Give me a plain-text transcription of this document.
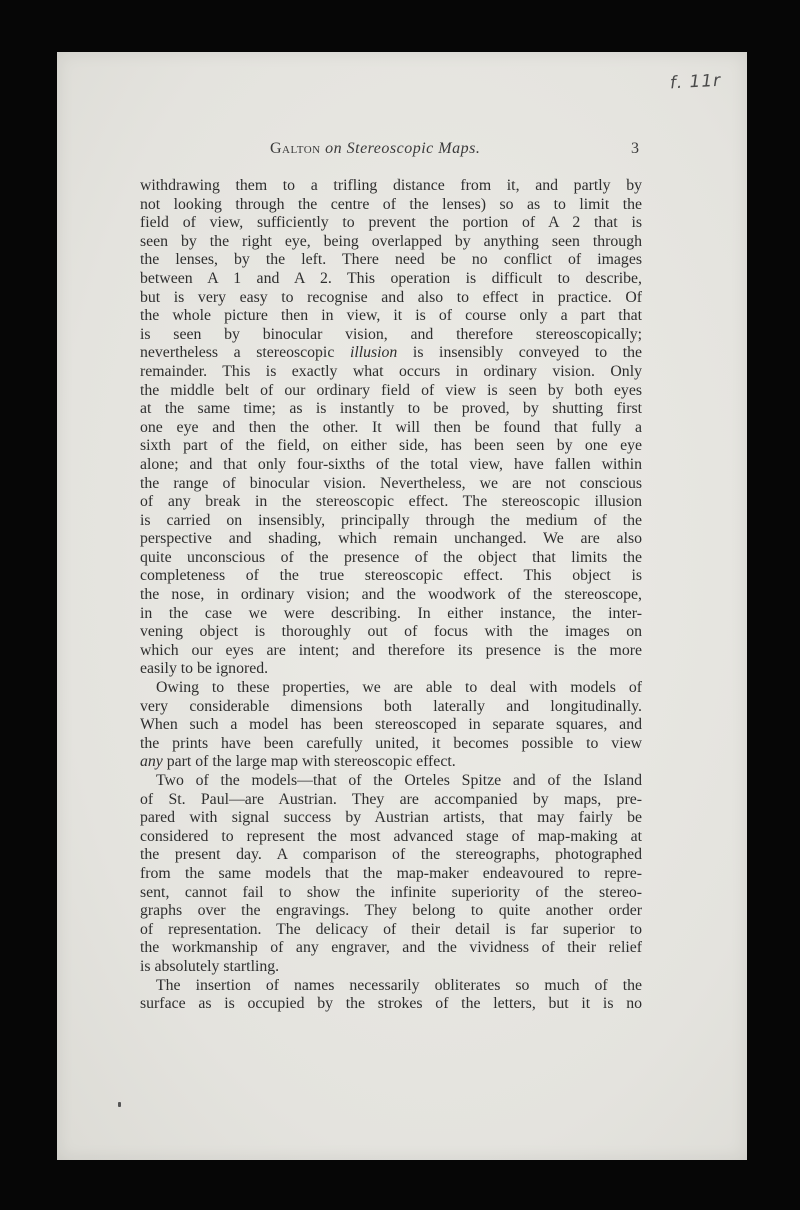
f. 11r
Galton on Stereoscopic Maps.	3
withdrawing them to a trifling distance from it, and partly by
not looking through the centre of the lenses) so as to limit the
field of view, sufficiently to prevent the portion of A 2 that is
seen by the right eye, being overlapped by anything seen through
the lenses, by the left. There need be no conflict of images
between A 1 and A 2. This operation is difficult to describe,
but is very easy to recognise and also to effect in practice. Of
the whole picture then in view, it is of course only a part that
is seen by binocular vision, and therefore stereoscopically;
nevertheless a stereoscopic illusion is insensibly conveyed to the
remainder. This is exactly what occurs in ordinary vision. Only
the middle belt of our ordinary field of view is seen by both eyes
at the same time; as is instantly to be proved, by shutting first
one eye and then the other. It will then be found that fully a
sixth part of the field, on either side, has been seen by one eye
alone; and that only four-sixths of the total view, have fallen within
the range of binocular vision. Nevertheless, we are not conscious
of any break in the stereoscopic effect. The stereoscopic illusion
is carried on insensibly, principally through the medium of the
perspective and shading, which remain unchanged. We are also
quite unconscious of the presence of the object that limits the
completeness of the true stereoscopic effect. This object is
the nose, in ordinary vision; and the woodwork of the stereoscope,
in the case we were describing. In either instance, the inter-
vening object is thoroughly out of focus with the images on
which our eyes are intent; and therefore its presence is the more
easily to be ignored.
Owing to these properties, we are able to deal with models of
very considerable dimensions both laterally and longitudinally.
When such a model has been stereoscoped in separate squares, and
the prints have been carefully united, it becomes possible to view
any part of the large map with stereoscopic effect.
Two of the models—that of the Orteles Spitze and of the Island
of St. Paul—are Austrian. They are accompanied by maps, pre-
pared with signal success by Austrian artists, that may fairly be
considered to represent the most advanced stage of map-making at
the present day. A comparison of the stereographs, photographed
from the same models that the map-maker endeavoured to repre-
sent, cannot fail to show the infinite superiority of the stereo-
graphs over the engravings. They belong to quite another order
of representation. The delicacy of their detail is far superior to
the workmanship of any engraver, and the vividness of their relief
is absolutely startling.
The insertion of names necessarily obliterates so much of the
surface as is occupied by the strokes of the letters, but it is no
